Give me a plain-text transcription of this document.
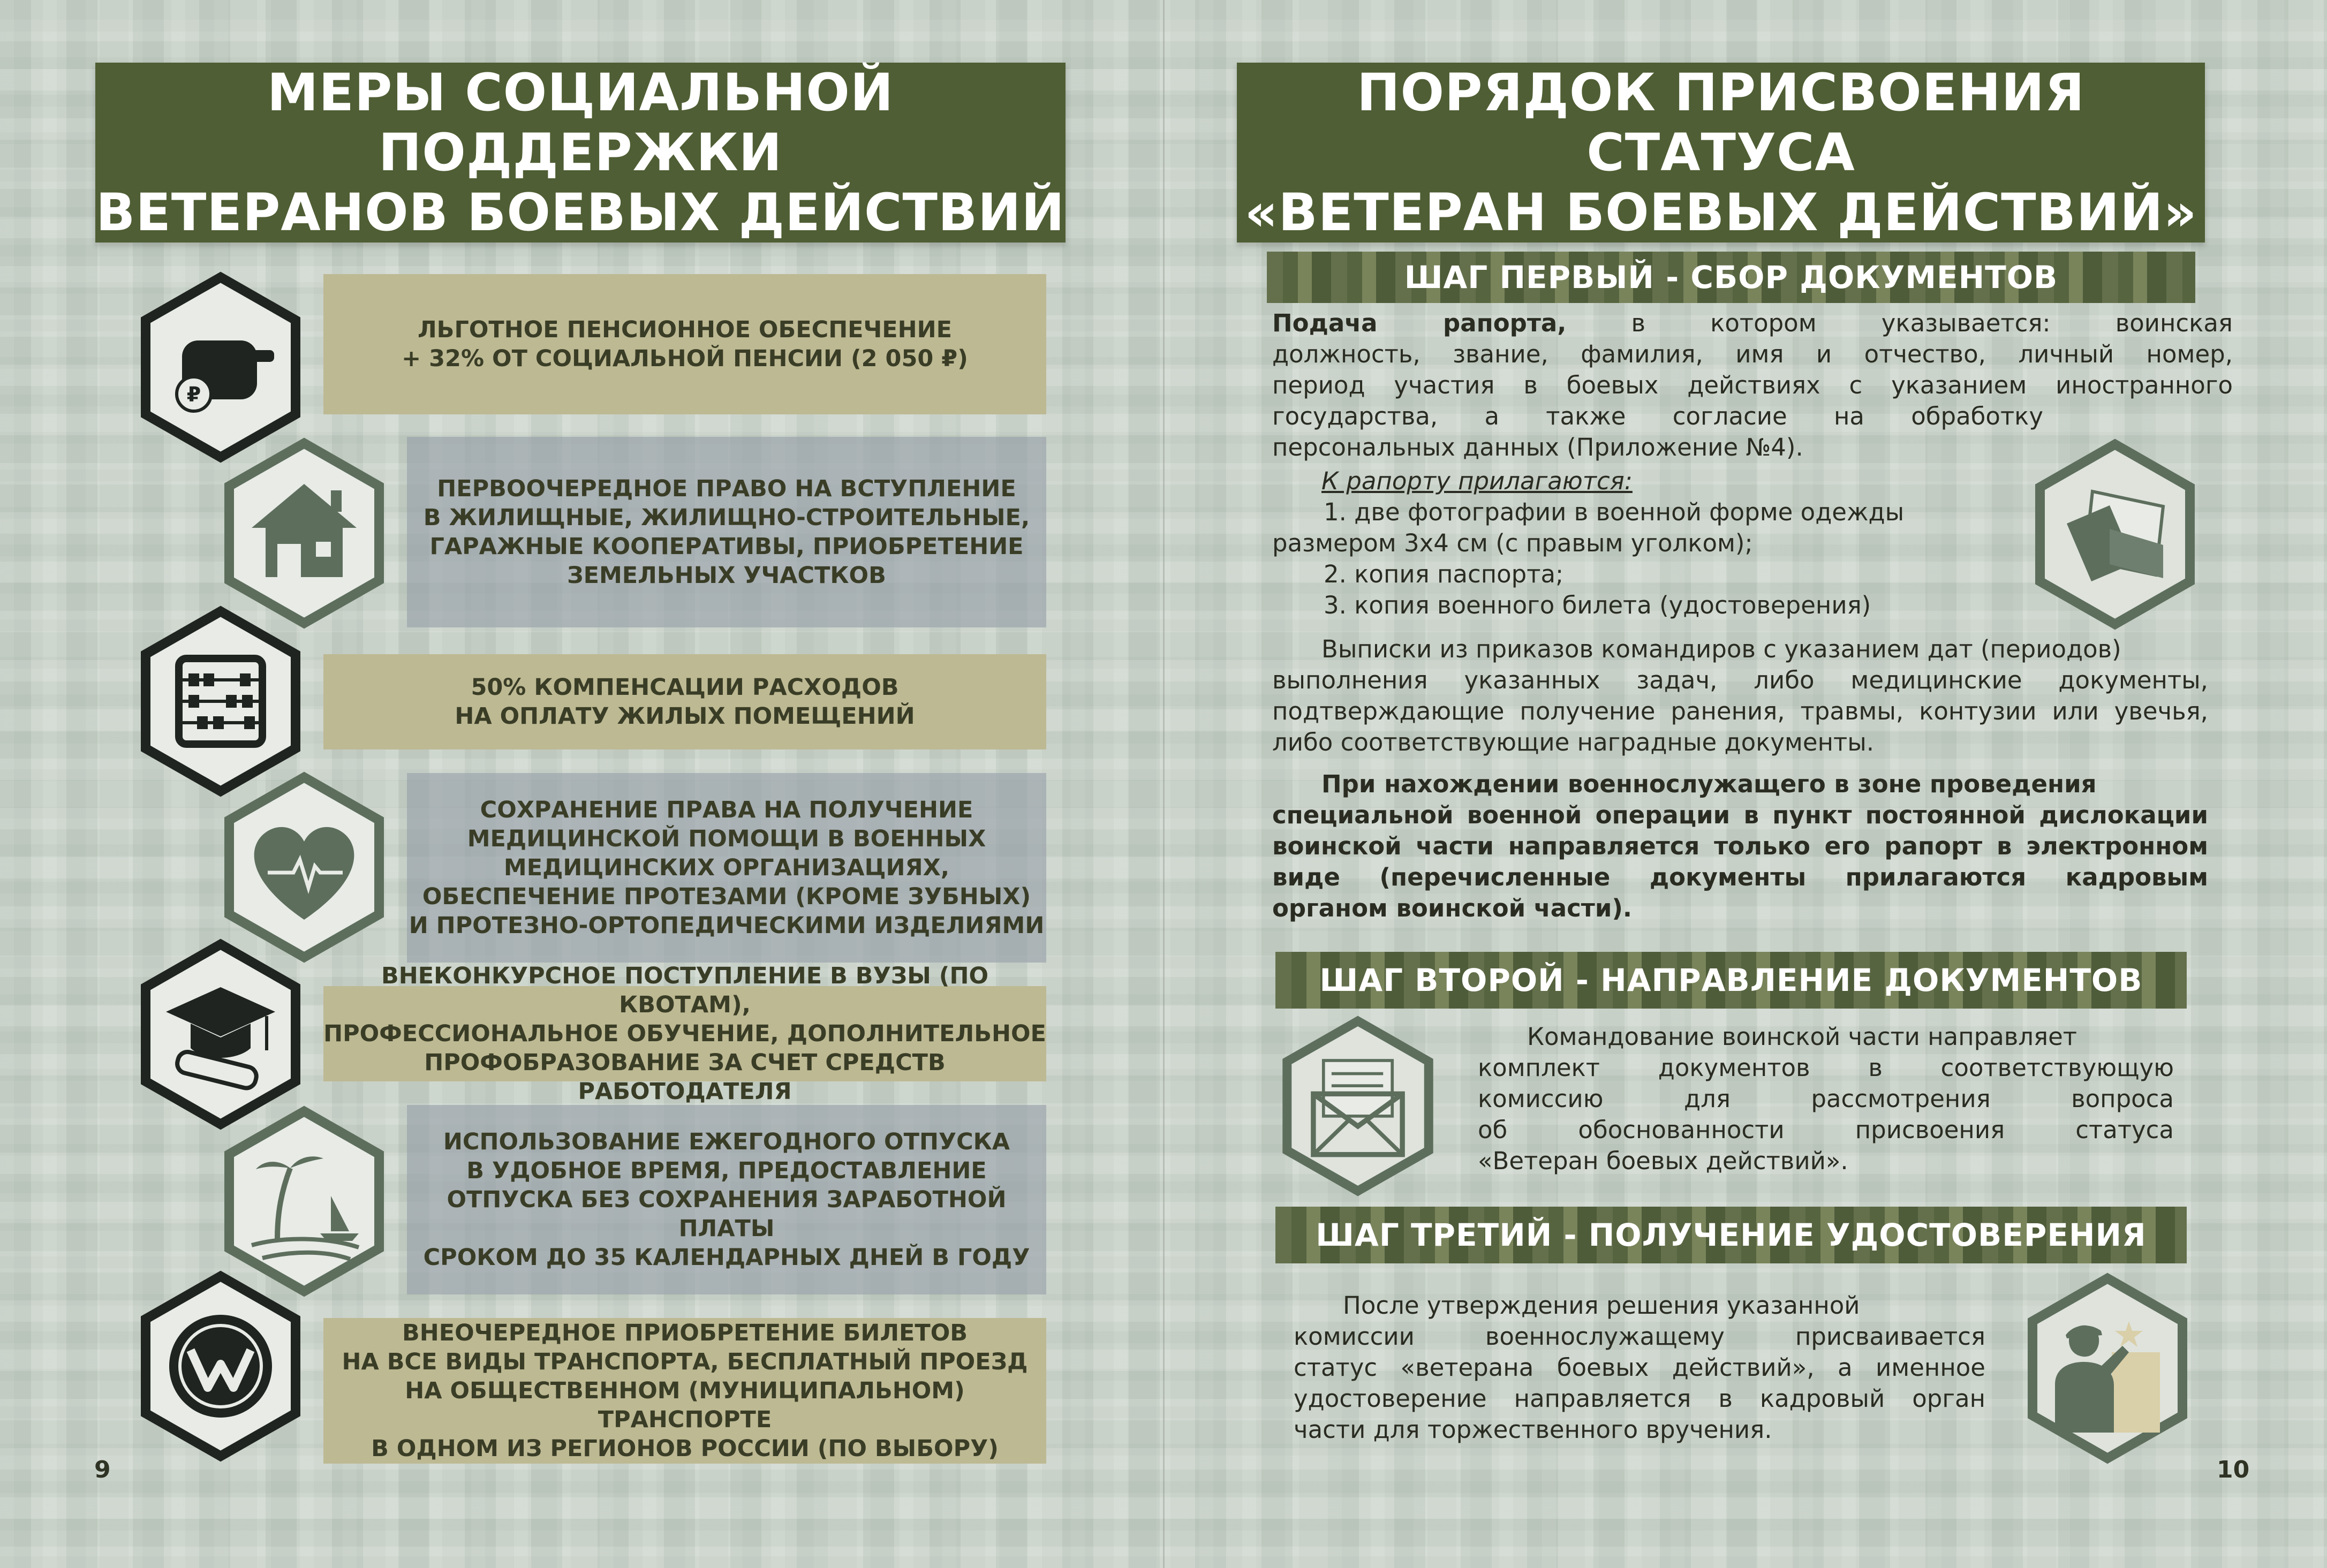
МЕРЫ СОЦИАЛЬНОЙ ПОДДЕРЖКИ
ВЕТЕРАНОВ БОЕВЫХ ДЕЙСТВИЙ
ЛЬГОТНОЕ ПЕНСИОННОЕ ОБЕСПЕЧЕНИЕ
+ 32% ОТ СОЦИАЛЬНОЙ ПЕНСИИ (2 050 ₽)
₽
ПЕРВООЧЕРЕДНОЕ ПРАВО НА ВСТУПЛЕНИЕ
В ЖИЛИЩНЫЕ, ЖИЛИЩНО-СТРОИТЕЛЬНЫЕ,
ГАРАЖНЫЕ КООПЕРАТИВЫ, ПРИОБРЕТЕНИЕ
ЗЕМЕЛЬНЫХ УЧАСТКОВ
50% КОМПЕНСАЦИИ РАСХОДОВ
НА ОПЛАТУ ЖИЛЫХ ПОМЕЩЕНИЙ
СОХРАНЕНИЕ ПРАВА НА ПОЛУЧЕНИЕ
МЕДИЦИНСКОЙ ПОМОЩИ В ВОЕННЫХ
МЕДИЦИНСКИХ ОРГАНИЗАЦИЯХ,
ОБЕСПЕЧЕНИЕ ПРОТЕЗАМИ (КРОМЕ ЗУБНЫХ)
И ПРОТЕЗНО-ОРТОПЕДИЧЕСКИМИ ИЗДЕЛИЯМИ
ВНЕКОНКУРСНОЕ ПОСТУПЛЕНИЕ В ВУЗЫ (ПО КВОТАМ),
ПРОФЕССИОНАЛЬНОЕ ОБУЧЕНИЕ, ДОПОЛНИТЕЛЬНОЕ
ПРОФОБРАЗОВАНИЕ ЗА СЧЕТ СРЕДСТВ РАБОТОДАТЕЛЯ
ИСПОЛЬЗОВАНИЕ ЕЖЕГОДНОГО ОТПУСКА
В УДОБНОЕ ВРЕМЯ, ПРЕДОСТАВЛЕНИЕ
ОТПУСКА БЕЗ СОХРАНЕНИЯ ЗАРАБОТНОЙ ПЛАТЫ
СРОКОМ ДО 35 КАЛЕНДАРНЫХ ДНЕЙ В ГОДУ
ВНЕОЧЕРЕДНОЕ ПРИОБРЕТЕНИЕ БИЛЕТОВ
НА ВСЕ ВИДЫ ТРАНСПОРТА, БЕСПЛАТНЫЙ ПРОЕЗД
НА ОБЩЕСТВЕННОМ (МУНИЦИПАЛЬНОМ) ТРАНСПОРТЕ
В ОДНОМ ИЗ РЕГИОНОВ РОССИИ (ПО ВЫБОРУ)
9
ПОРЯДОК ПРИСВОЕНИЯ СТАТУСА
«ВЕТЕРАН БОЕВЫХ ДЕЙСТВИЙ»
ШАГ ПЕРВЫЙ - СБОР ДОКУМЕНТОВ
Подача рапорта, в котором указывается: воинская
должность, звание, фамилия, имя и отчество, личный номер,
период участия в боевых действиях с указанием иностранного
государства, а также согласие на обработку
персональных данных (Приложение №4).
К рапорту прилагаются:
1. две фотографии в военной форме одежды
размером 3х4 см (с правым уголком);
2. копия паспорта;
3. копия военного билета (удостоверения)
Выписки из приказов командиров с указанием дат (периодов)
выполнения указанных задач, либо медицинские документы,
подтверждающие получение ранения, травмы, контузии или увечья,
либо соответствующие наградные документы.
При нахождении военнослужащего в зоне проведения
специальной военной операции в пункт постоянной дислокации
воинской части направляется только его рапорт в электронном
виде (перечисленные документы прилагаются кадровым
органом воинской части).
ШАГ ВТОРОЙ - НАПРАВЛЕНИЕ ДОКУМЕНТОВ
Командование воинской части направляет
комплект документов в соответствующую
комиссию для рассмотрения вопроса
об обоснованности присвоения статуса
«Ветеран боевых действий».
ШАГ ТРЕТИЙ - ПОЛУЧЕНИЕ УДОСТОВЕРЕНИЯ
После утверждения решения указанной
комиссии военнослужащему присваивается
статус «ветерана боевых действий», а именное
удостоверение направляется в кадровый орган
части для торжественного вручения.
10
